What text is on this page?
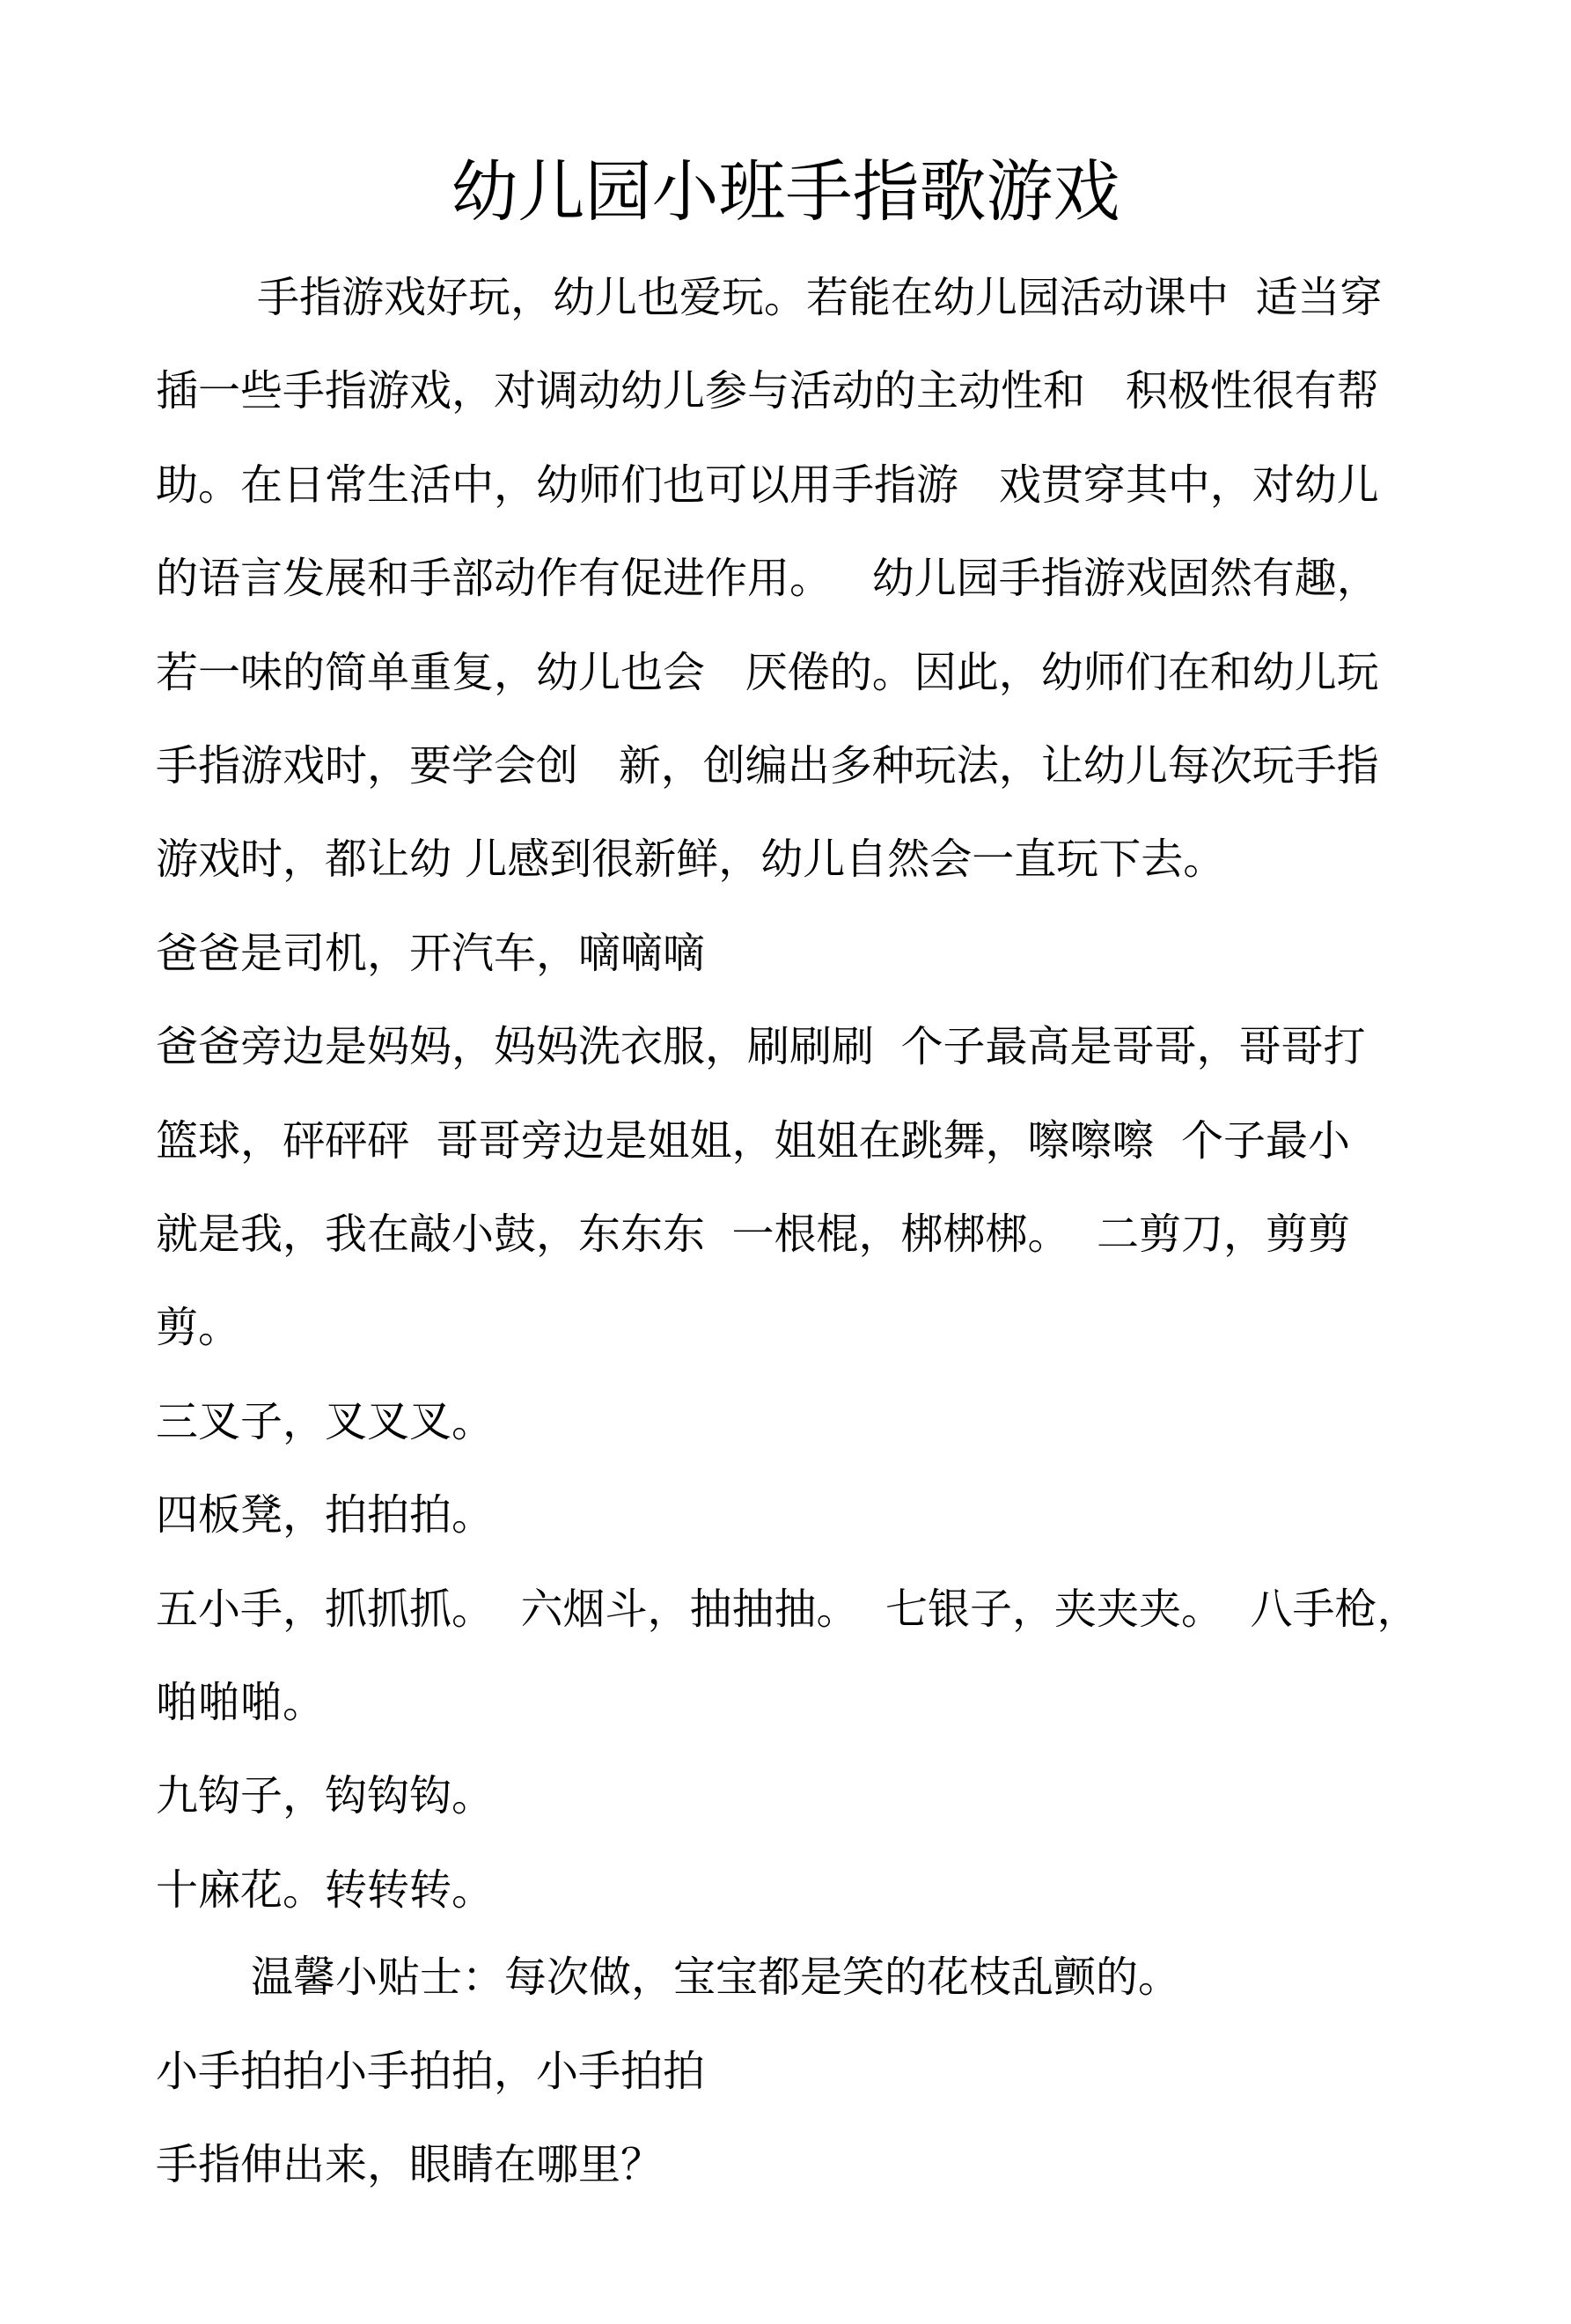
幼儿园小班手指歌游戏
手指游戏好玩，幼儿也爱玩。若能在幼儿园活动课中  适当穿
插一些手指游戏，对调动幼儿参与活动的主动性和   积极性很有帮
助。在日常生活中，幼师们也可以用手指游   戏贯穿其中，对幼儿
的语言发展和手部动作有促进作用。   幼儿园手指游戏固然有趣，
若一味的简单重复，幼儿也会   厌倦的。因此，幼师们在和幼儿玩
手指游戏时，要学会创   新，创编出多种玩法，让幼儿每次玩手指
游戏时，都让幼 儿感到很新鲜，幼儿自然会一直玩下去。
爸爸是司机，开汽车，嘀嘀嘀
爸爸旁边是妈妈，妈妈洗衣服，刷刷刷  个子最高是哥哥，哥哥打
篮球，砰砰砰  哥哥旁边是姐姐，姐姐在跳舞，嚓嚓嚓  个子最小
就是我，我在敲小鼓，东东东  一根棍，梆梆梆。  二剪刀，剪剪
剪。
三叉子，叉叉叉。
四板凳，拍拍拍。
五小手，抓抓抓。  六烟斗，抽抽抽。  七银子，夹夹夹。  八手枪，
啪啪啪。
九钩子，钩钩钩。
十麻花。转转转。
温馨小贴士：每次做，宝宝都是笑的花枝乱颤的。
小手拍拍小手拍拍，小手拍拍
手指伸出来，眼睛在哪里？
